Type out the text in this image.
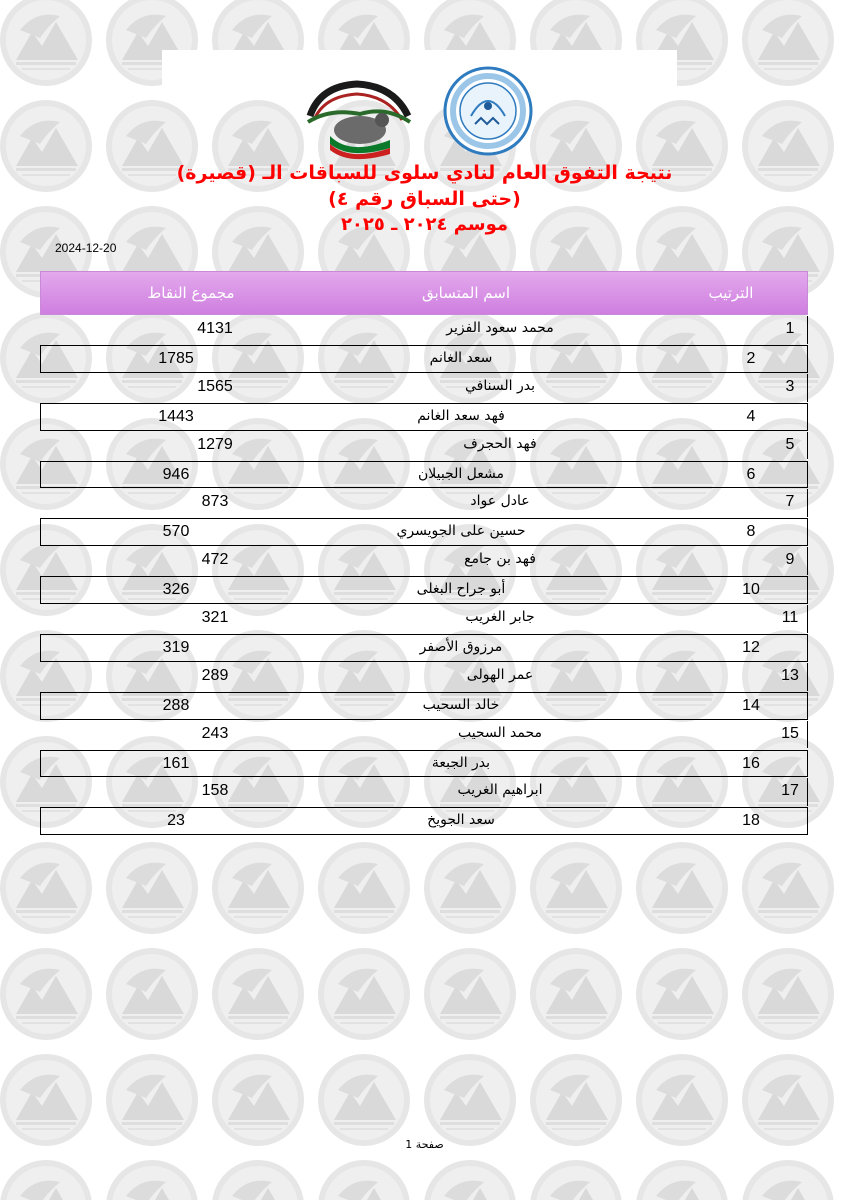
نتيجة التفوق العام لنادي سلوى للسباقات الـ (قصيرة)
(حتى السباق رقم ٤)
موسم ٢٠٢٤ ـ ٢٠٢٥
2024-12-20
مجموع النقاط	اسم المتسابق	الترتيب
4131	محمد سعود الفزير	1
1785	سعد الغانم	2
1565	بدر السنافي	3
1443	فهد سعد الغانم	4
1279	فهد الحجرف	5
946	مشعل الجبيلان	6
873	عادل عواد	7
570	حسين على الجويسري	8
472	فهد بن جامع	9
326	أبو جراح البغلى	10
321	جابر الغريب	11
319	مرزوق الأصفر	12
289	عمر الهولى	13
288	خالد السحيب	14
243	محمد السحيب	15
161	بدر الجبعة	16
158	ابراهيم الغريب	17
23	سعد الجويخ	18
صفحة 1
